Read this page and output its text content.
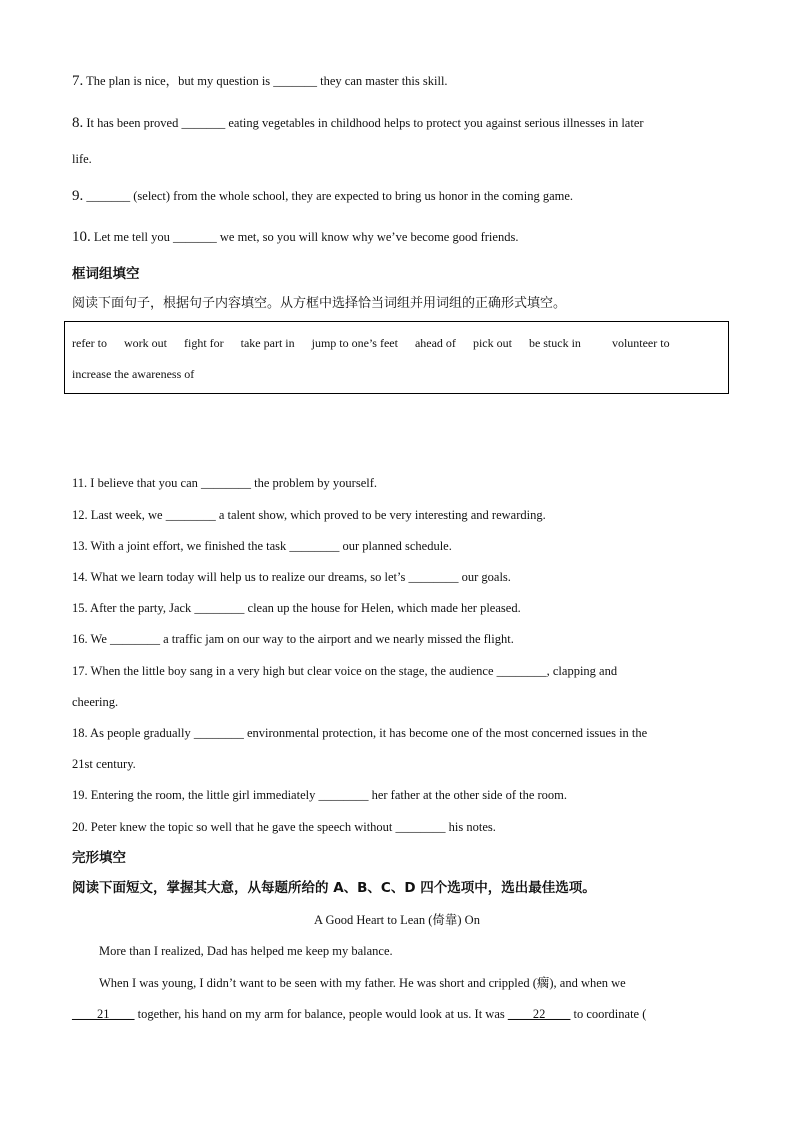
7. The plan is nice，but my question is _______ they can master this skill.
8. It has been proved _______ eating vegetables in childhood helps to protect you against serious illnesses in later
life.
9. _______ (select) from the whole school, they are expected to bring us honor in the coming game.
10. Let me tell you _______ we met, so you will know why we’ve become good friends.
框词组填空
阅读下面句子，根据句子内容填空。从方框中选择恰当词组并用词组的正确形式填空。
refer to work out fight for take part in jump to one’s feet ahead of pick out be stuck in	volunteer to
increase the awareness of
11. I believe that you can ________ the problem by yourself.
12. Last week, we ________ a talent show, which proved to be very interesting and rewarding.
13. With a joint effort, we finished the task ________ our planned schedule.
14. What we learn today will help us to realize our dreams, so let’s ________ our goals.
15. After the party, Jack ________ clean up the house for Helen, which made her pleased.
16. We ________ a traffic jam on our way to the airport and we nearly missed the flight.
17. When the little boy sang in a very high but clear voice on the stage, the audience ________, clapping and
cheering.
18. As people gradually ________ environmental protection, it has become one of the most concerned issues in the
21st century.
19. Entering the room, the little girl immediately ________ her father at the other side of the room.
20. Peter knew the topic so well that he gave the speech without ________ his notes.
完形填空
阅读下面短文，掌握其大意，从每题所给的 A、B、C、D 四个选项中，选出最佳选项。
A Good Heart to Lean (倚靠) On
More than I realized, Dad has helped me keep my balance.
When I was young, I didn’t want to be seen with my father. He was short and crippled (瘸), and when we
____21____ together, his hand on my arm for balance, people would look at us. It was ____22____ to coordinate (
